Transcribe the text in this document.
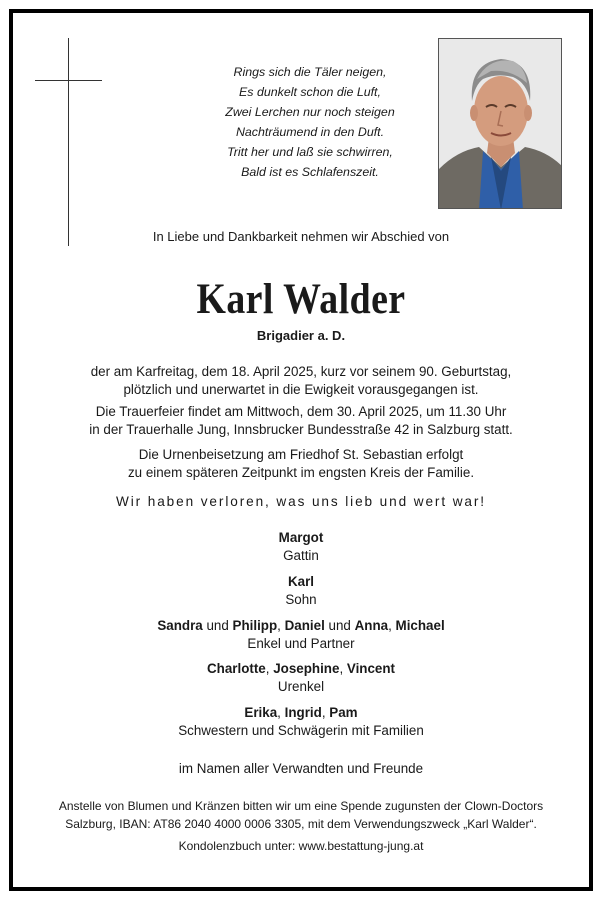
Rings sich die Täler neigen,
Es dunkelt schon die Luft,
Zwei Lerchen nur noch steigen
Nachträumend in den Duft.
Tritt her und laß sie schwirren,
Bald ist es Schlafenszeit.
In Liebe und Dankbarkeit nehmen wir Abschied von
Karl Walder
Brigadier a. D.
der am Karfreitag, dem 18. April 2025, kurz vor seinem 90. Geburtstag,
plötzlich und unerwartet in die Ewigkeit vorausgegangen ist.
Die Trauerfeier findet am Mittwoch, dem 30. April 2025, um 11.30 Uhr
in der Trauerhalle Jung, Innsbrucker Bundesstraße 42 in Salzburg statt.
Die Urnenbeisetzung am Friedhof St. Sebastian erfolgt
zu einem späteren Zeitpunkt im engsten Kreis der Familie.
Wir haben verloren, was uns lieb und wert war!
Margot
Gattin
Karl
Sohn
Sandra und Philipp, Daniel und Anna, Michael
Enkel und Partner
Charlotte, Josephine, Vincent
Urenkel
Erika, Ingrid, Pam
Schwestern und Schwägerin mit Familien
im Namen aller Verwandten und Freunde
Anstelle von Blumen und Kränzen bitten wir um eine Spende zugunsten der Clown-Doctors
Salzburg, IBAN: AT86 2040 4000 0006 3305, mit dem Verwendungszweck „Karl Walder“.
Kondolenzbuch unter: www.bestattung-jung.at
